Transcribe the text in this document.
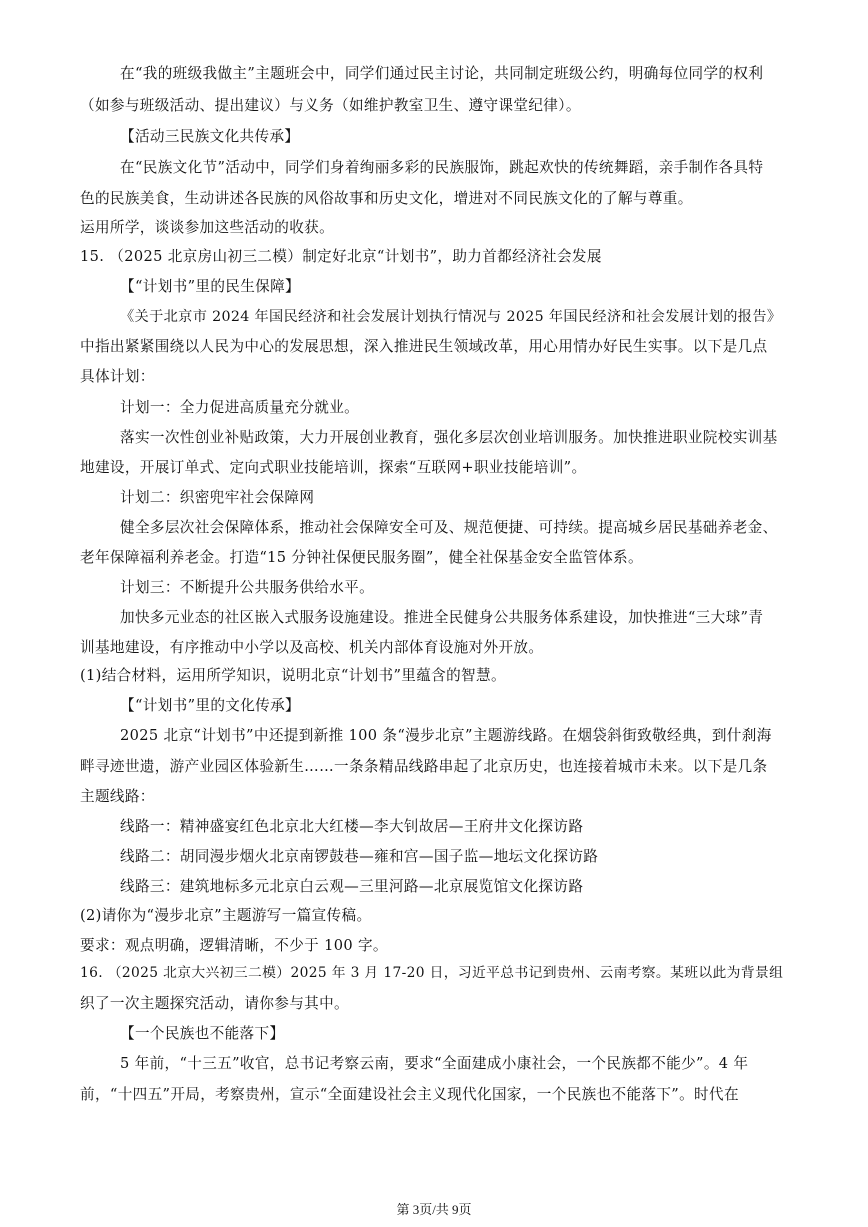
在“我的班级我做主”主题班会中，同学们通过民主讨论，共同制定班级公约，明确每位同学的权利
（如参与班级活动、提出建议）与义务（如维护教室卫生、遵守课堂纪律）。
【活动三民族文化共传承】
在“民族文化节”活动中，同学们身着绚丽多彩的民族服饰，跳起欢快的传统舞蹈，亲手制作各具特
色的民族美食，生动讲述各民族的风俗故事和历史文化，增进对不同民族文化的了解与尊重。
运用所学，谈谈参加这些活动的收获。
15. （2025 北京房山初三二模）制定好北京“计划书”，助力首都经济社会发展
【“计划书”里的民生保障】
《关于北京市 2024 年国民经济和社会发展计划执行情况与 2025 年国民经济和社会发展计划的报告》
中指出紧紧围绕以人民为中心的发展思想，深入推进民生领域改革，用心用情办好民生实事。以下是几点
具体计划：
计划一：全力促进高质量充分就业。
落实一次性创业补贴政策，大力开展创业教育，强化多层次创业培训服务。加快推进职业院校实训基
地建设，开展订单式、定向式职业技能培训，探索“互联网+职业技能培训”。
计划二：织密兜牢社会保障网
健全多层次社会保障体系，推动社会保障安全可及、规范便捷、可持续。提高城乡居民基础养老金、
老年保障福利养老金。打造“15 分钟社保便民服务圈”，健全社保基金安全监管体系。
计划三：不断提升公共服务供给水平。
加快多元业态的社区嵌入式服务设施建设。推进全民健身公共服务体系建设，加快推进“三大球”青
训基地建设，有序推动中小学以及高校、机关内部体育设施对外开放。
(1)结合材料，运用所学知识，说明北京“计划书”里蕴含的智慧。
【“计划书”里的文化传承】
2025 北京“计划书”中还提到新推 100 条“漫步北京”主题游线路。在烟袋斜街致敬经典，到什刹海
畔寻迹世遗，游产业园区体验新生……一条条精品线路串起了北京历史，也连接着城市未来。以下是几条
主题线路：
线路一：精神盛宴红色北京北大红楼—李大钊故居—王府井文化探访路
线路二：胡同漫步烟火北京南锣鼓巷—雍和宫—国子监—地坛文化探访路
线路三：建筑地标多元北京白云观—三里河路—北京展览馆文化探访路
(2)请你为“漫步北京”主题游写一篇宣传稿。
要求：观点明确，逻辑清晰，不少于 100 字。
16. （2025 北京大兴初三二模）2025 年 3 月 17-20 日，习近平总书记到贵州、云南考察。某班以此为背景组
织了一次主题探究活动，请你参与其中。
【一个民族也不能落下】
5 年前，“十三五”收官，总书记考察云南，要求“全面建成小康社会，一个民族都不能少”。4 年
前，“十四五”开局，考察贵州，宣示“全面建设社会主义现代化国家，一个民族也不能落下”。时代在
第 3页/共 9页
